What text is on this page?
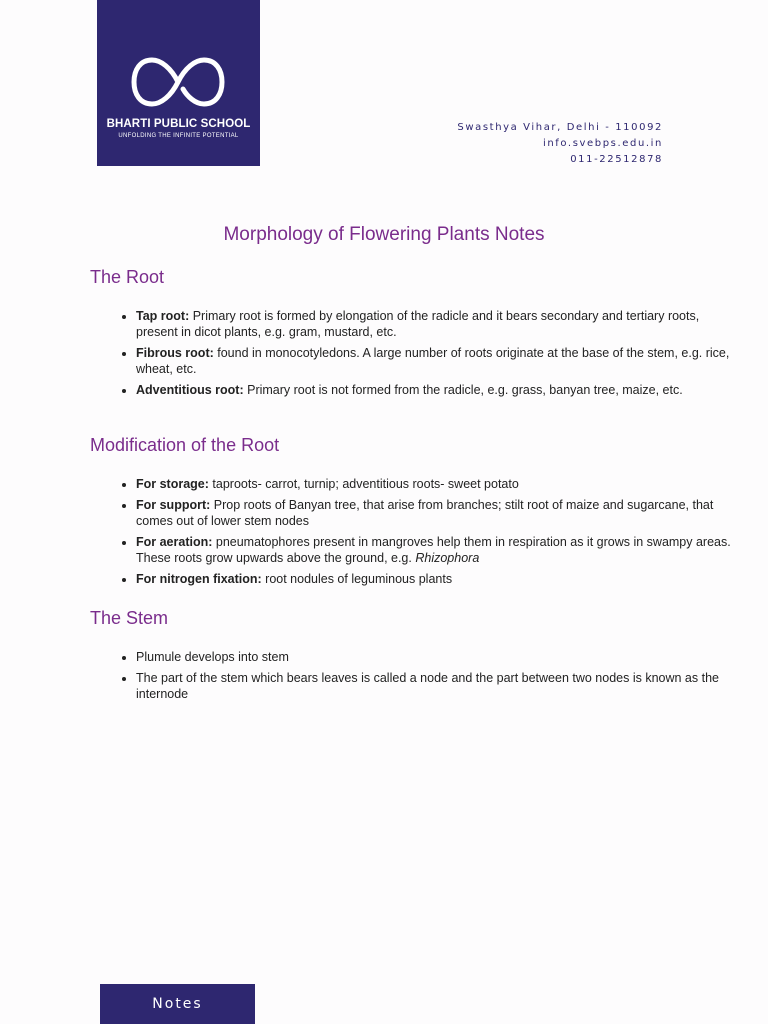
BHARTI PUBLIC SCHOOL
UNFOLDING THE INFINITE POTENTIAL
Swasthya Vihar, Delhi - 110092
info.svebps.edu.in
011-22512878
Morphology of Flowering Plants Notes
The Root
• Tap root: Primary root is formed by elongation of the radicle and it bears secondary and tertiary roots, present in dicot plants, e.g. gram, mustard, etc.
• Fibrous root: found in monocotyledons. A large number of roots originate at the base of the stem, e.g. rice, wheat, etc.
• Adventitious root: Primary root is not formed from the radicle, e.g. grass, banyan tree, maize, etc.
Modification of the Root
• For storage: taproots- carrot, turnip; adventitious roots- sweet potato
• For support: Prop roots of Banyan tree, that arise from branches; stilt root of maize and sugarcane, that comes out of lower stem nodes
• For aeration: pneumatophores present in mangroves help them in respiration as it grows in swampy areas. These roots grow upwards above the ground, e.g. Rhizophora
• For nitrogen fixation: root nodules of leguminous plants
The Stem
• Plumule develops into stem
• The part of the stem which bears leaves is called a node and the part between two nodes is known as the internode
Notes
